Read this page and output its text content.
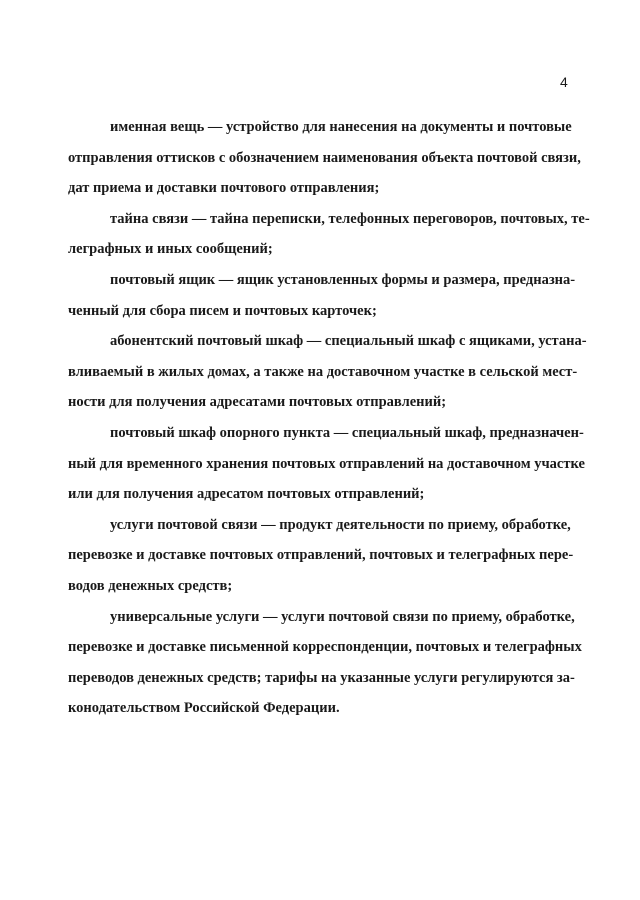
4

именная вещь — устройство для нанесения на документы и почтовые
отправления оттисков с обозначением наименования объекта почтовой связи,
дат приема и доставки почтового отправления;

тайна связи — тайна переписки, телефонных переговоров, почтовых, те-
леграфных и иных сообщений;

почтовый ящик — ящик установленных формы и размера, предназна-
ченный для сбора писем и почтовых карточек;

абонентский почтовый шкаф — специальный шкаф с ящиками, устана-
вливаемый в жилых домах, а также на доставочном участке в сельской мест-
ности для получения адресатами почтовых отправлений;

почтовый шкаф опорного пункта — специальный шкаф, предназначен-
ный для временного хранения почтовых отправлений на доставочном участке
или для получения адресатом почтовых отправлений;

услуги почтовой связи — продукт деятельности по приему, обработке,
перевозке и доставке почтовых отправлений, почтовых и телеграфных пере-
водов денежных средств;

универсальные услуги — услуги почтовой связи по приему, обработке,
перевозке и доставке письменной корреспонденции, почтовых и телеграфных
переводов денежных средств; тарифы на указанные услуги регулируются за-
конодательством Российской Федерации.
